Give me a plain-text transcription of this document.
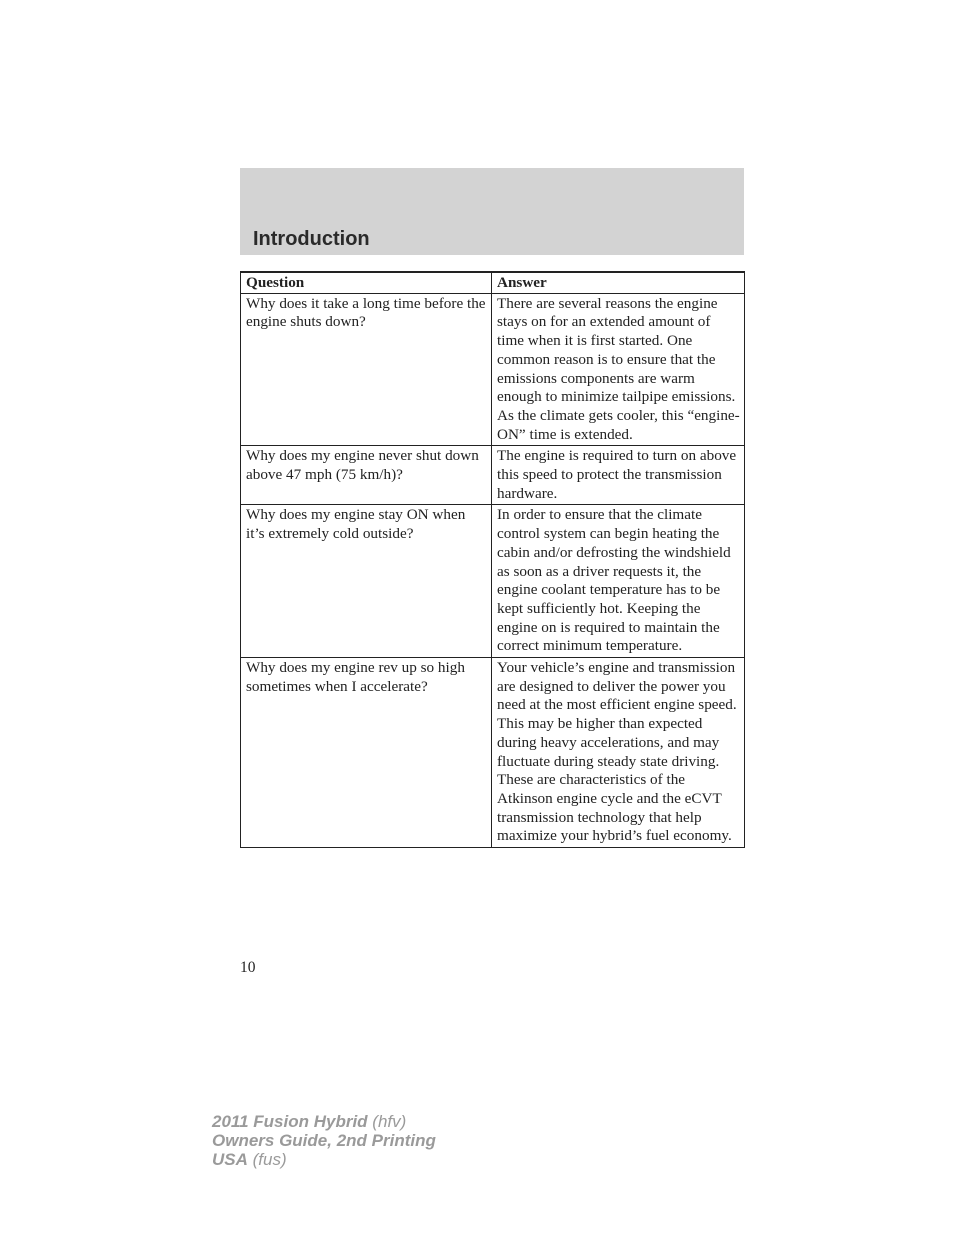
Introduction
Question	Answer
Why does it take a long time before the engine shuts down?	There are several reasons the engine stays on for an extended amount of time when it is first started. One common reason is to ensure that the emissions components are warm enough to minimize tailpipe emissions. As the climate gets cooler, this “engine-ON” time is extended.
Why does my engine never shut down above 47 mph (75 km/h)?	The engine is required to turn on above this speed to protect the transmission hardware.
Why does my engine stay ON when it’s extremely cold outside?	In order to ensure that the climate control system can begin heating the cabin and/or defrosting the windshield as soon as a driver requests it, the engine coolant temperature has to be kept sufficiently hot. Keeping the engine on is required to maintain the correct minimum temperature.
Why does my engine rev up so high sometimes when I accelerate?	Your vehicle’s engine and transmission are designed to deliver the power you need at the most efficient engine speed. This may be higher than expected during heavy accelerations, and may fluctuate during steady state driving. These are characteristics of the Atkinson engine cycle and the eCVT transmission technology that help maximize your hybrid’s fuel economy.
10
2011 Fusion Hybrid (hfv)
Owners Guide, 2nd Printing
USA (fus)
